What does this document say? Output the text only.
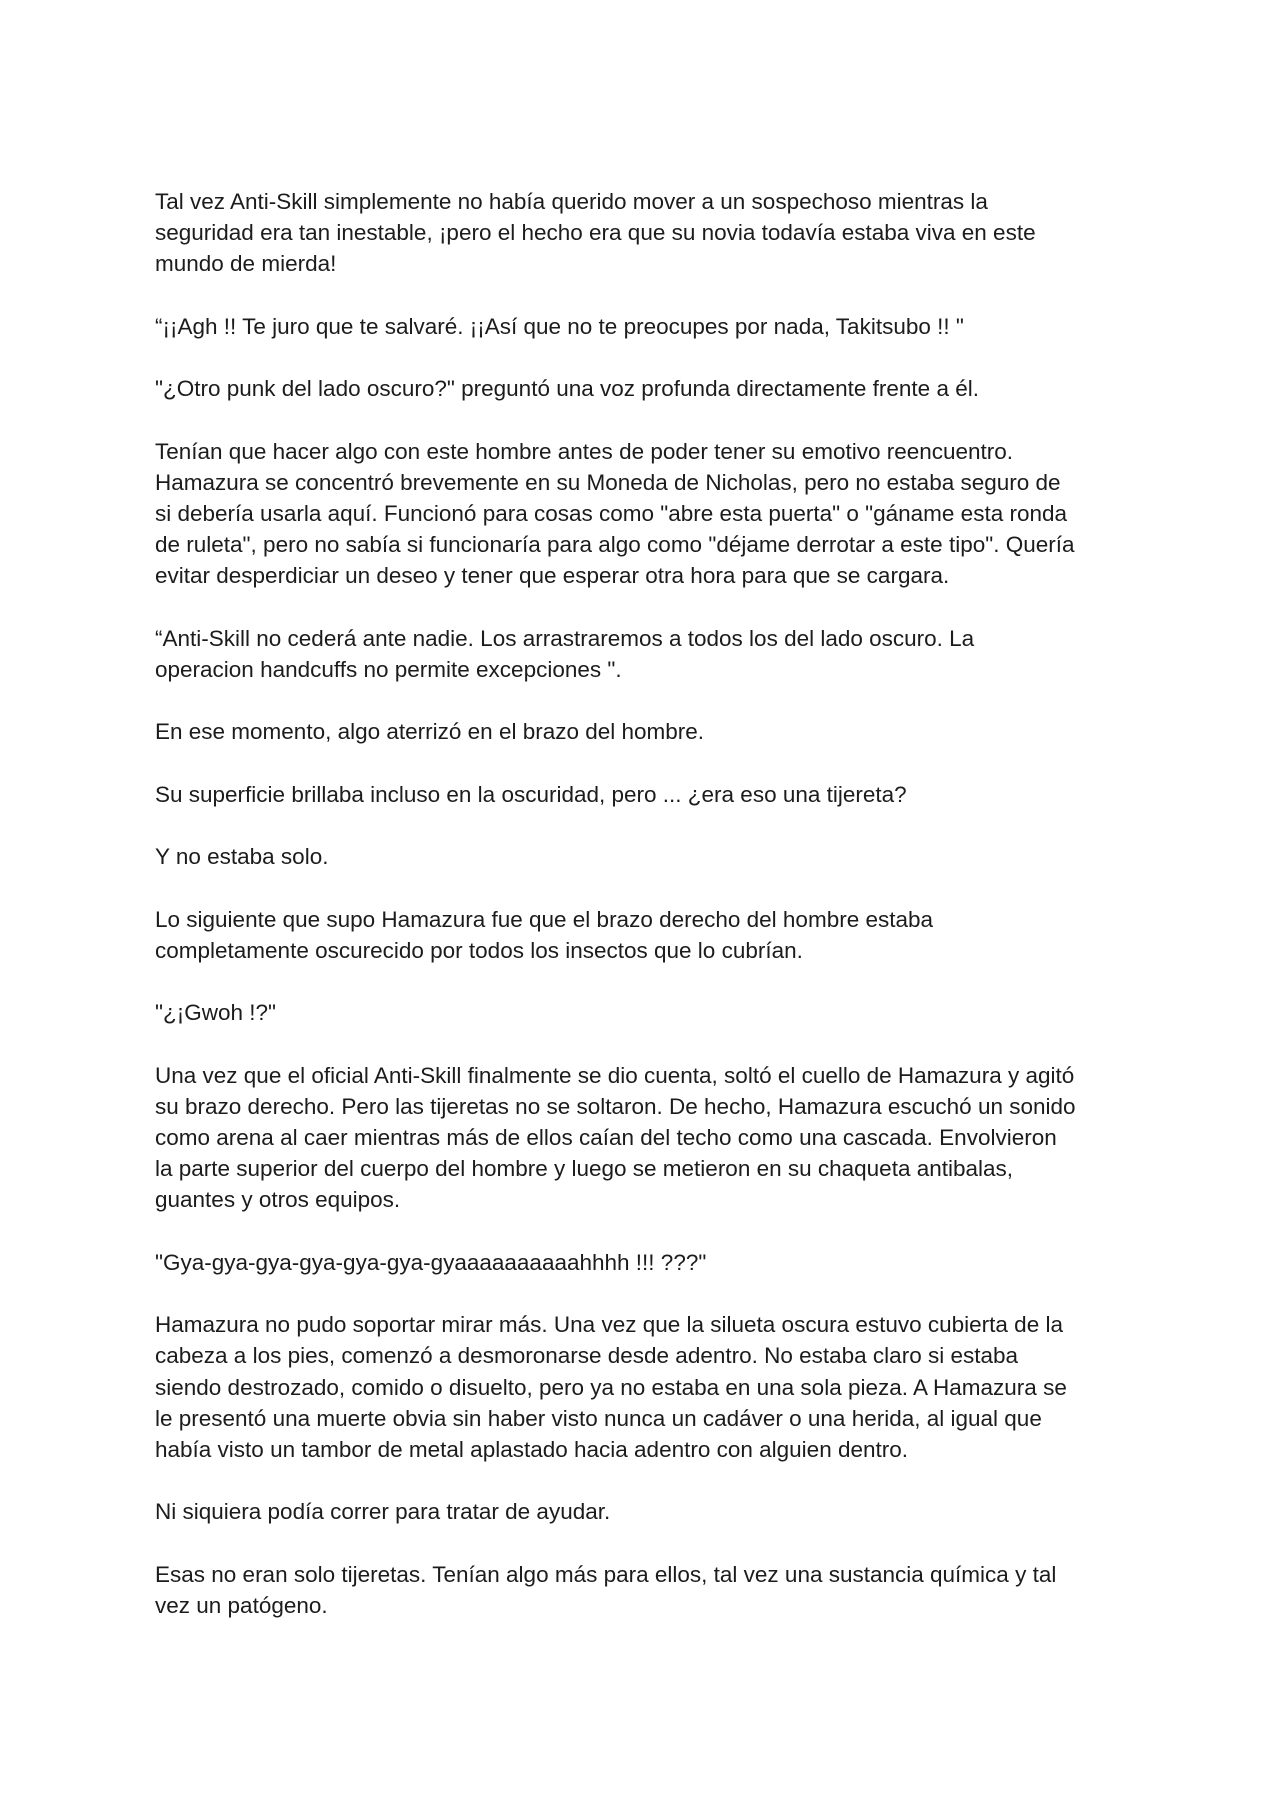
Tal vez Anti-Skill simplemente no había querido mover a un sospechoso mientras la
seguridad era tan inestable, ¡pero el hecho era que su novia todavía estaba viva en este
mundo de mierda!

“¡¡Agh !! Te juro que te salvaré. ¡¡Así que no te preocupes por nada, Takitsubo !! "

"¿Otro punk del lado oscuro?" preguntó una voz profunda directamente frente a él.

Tenían que hacer algo con este hombre antes de poder tener su emotivo reencuentro.
Hamazura se concentró brevemente en su Moneda de Nicholas, pero no estaba seguro de
si debería usarla aquí. Funcionó para cosas como "abre esta puerta" o "gáname esta ronda
de ruleta", pero no sabía si funcionaría para algo como "déjame derrotar a este tipo". Quería
evitar desperdiciar un deseo y tener que esperar otra hora para que se cargara.

“Anti-Skill no cederá ante nadie. Los arrastraremos a todos los del lado oscuro. La
operacion handcuffs no permite excepciones ".

En ese momento, algo aterrizó en el brazo del hombre.

Su superficie brillaba incluso en la oscuridad, pero ... ¿era eso una tijereta?

Y no estaba solo.

Lo siguiente que supo Hamazura fue que el brazo derecho del hombre estaba
completamente oscurecido por todos los insectos que lo cubrían.

"¿¡Gwoh !?"

Una vez que el oficial Anti-Skill finalmente se dio cuenta, soltó el cuello de Hamazura y agitó
su brazo derecho. Pero las tijeretas no se soltaron. De hecho, Hamazura escuchó un sonido
como arena al caer mientras más de ellos caían del techo como una cascada. Envolvieron
la parte superior del cuerpo del hombre y luego se metieron en su chaqueta antibalas,
guantes y otros equipos.

"Gya-gya-gya-gya-gya-gya-gyaaaaaaaaaahhhh !!! ???"

Hamazura no pudo soportar mirar más. Una vez que la silueta oscura estuvo cubierta de la
cabeza a los pies, comenzó a desmoronarse desde adentro. No estaba claro si estaba
siendo destrozado, comido o disuelto, pero ya no estaba en una sola pieza. A Hamazura se
le presentó una muerte obvia sin haber visto nunca un cadáver o una herida, al igual que
había visto un tambor de metal aplastado hacia adentro con alguien dentro.

Ni siquiera podía correr para tratar de ayudar.

Esas no eran solo tijeretas. Tenían algo más para ellos, tal vez una sustancia química y tal
vez un patógeno.
